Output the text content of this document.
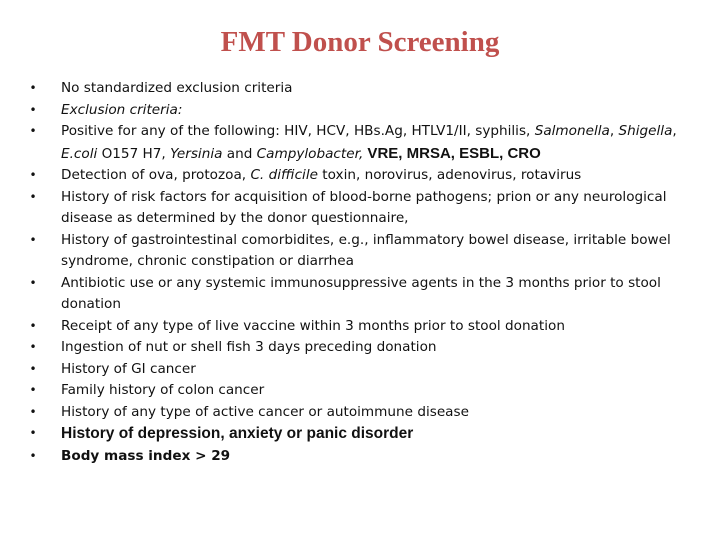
FMT Donor Screening
• No standardized exclusion criteria
• Exclusion criteria:
• Positive for any of the following: HIV, HCV, HBs.Ag, HTLV1/II, syphilis, Salmonella, Shigella, E.coli O157 H7, Yersinia and Campylobacter, VRE, MRSA, ESBL, CRO
• Detection of ova, protozoa, C. difficile toxin, norovirus, adenovirus, rotavirus
• History of risk factors for acquisition of blood-borne pathogens; prion or any neurological disease as determined by the donor questionnaire,
• History of gastrointestinal comorbidites, e.g., inflammatory bowel disease, irritable bowel syndrome, chronic constipation or diarrhea
• Antibiotic use or any systemic immunosuppressive agents in the 3 months prior to stool donation
• Receipt of any type of live vaccine within 3 months prior to stool donation
• Ingestion of nut or shell fish 3 days preceding donation
• History of GI cancer
• Family history of colon cancer
• History of any type of active cancer or autoimmune disease
• History of depression, anxiety or panic disorder
• Body mass index > 29
